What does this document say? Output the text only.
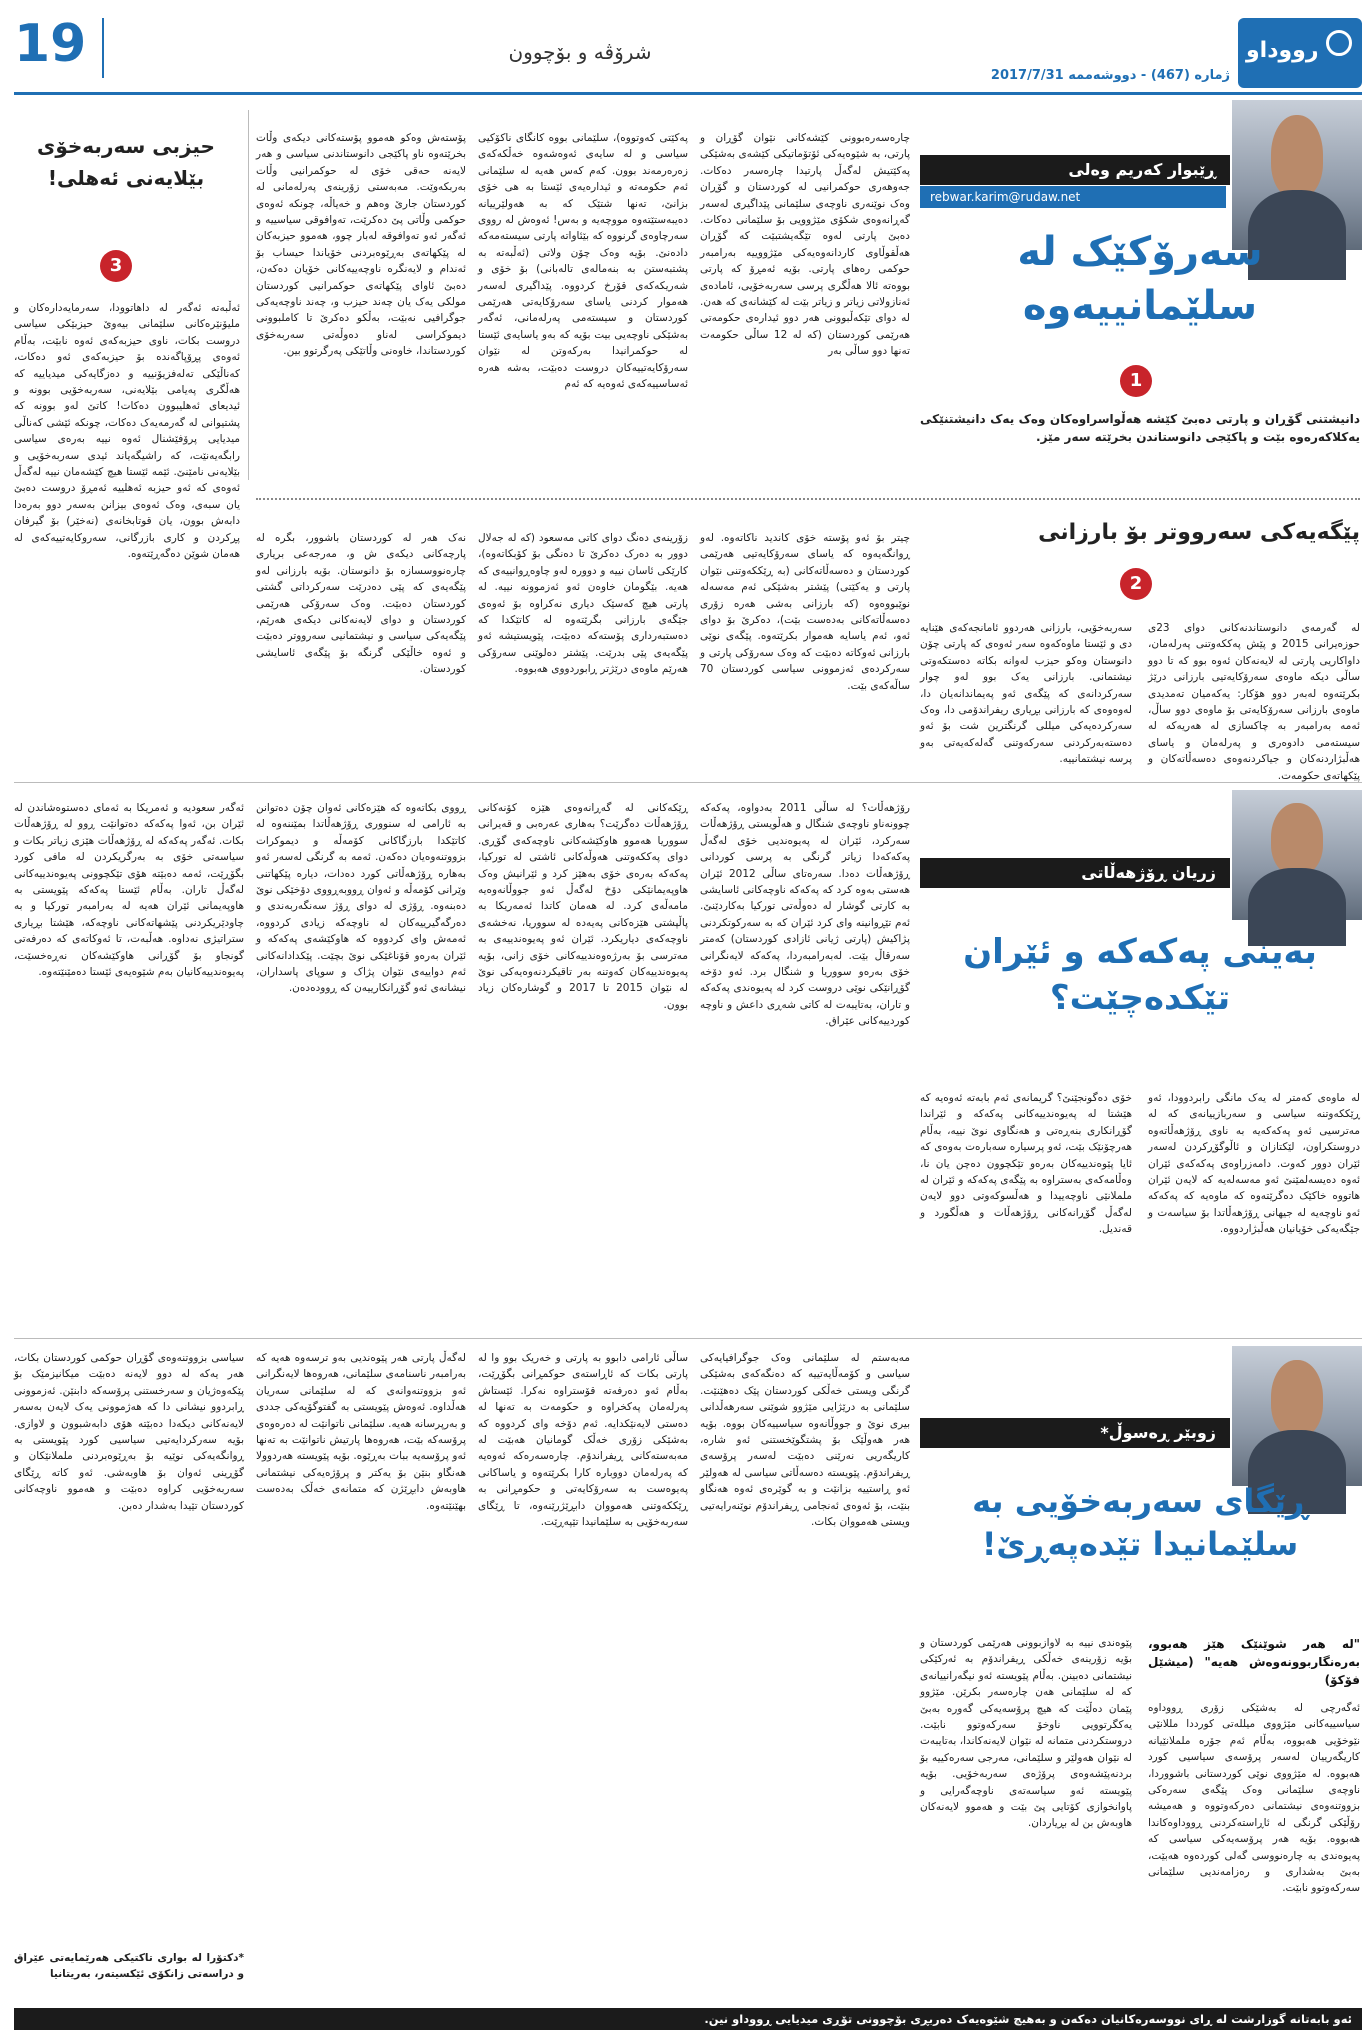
19	شرۆڤە و بۆچوون
ژمارە (467) - دووشەممە 2017/7/31
رووداو
ڕێبوار کەریم وەلی
rebwar.karim@rudaw.net
سەرۆکێک لە
سلێمانییەوە
1
دانیشتنی گۆڕان و پارتی دەبێ کێشە هەڵواسراوەکان وەک یەک دانیشتنێکی یەکلاکەرەوە بێت و پاکێجی دانوستاندن بخرێتە سەر مێز.
چارەسەرەبوونی کێشەکانی نێوان گۆڕان و پارتی، بە شێوەیەکی ئۆتۆماتیکی کێشەی بەشێکی پەکێتیش لەگەڵ پارتیدا چارەسەر دەکات. جەوهەری حوکمرانیی لە کوردستان و گۆڕان وەک نوێنەری ناوچەی سلێمانی پێداگیری لەسەر گەڕانەوەی شکۆی مێژوویی بۆ سلێمانی دەکات. دەبێ پارتی لەوە تێگەیشتبێت کە گۆڕان هەڵقوڵاوی کاردانەوەیەکی مێژووییە بەرامبەر حوکمی رەهای پارتی. بۆیە ئەمڕۆ کە پارتی بووەتە ئالا هەڵگری پرسی سەربەخۆیی، ئامادەی ئەنازولاتی زیاتر و زیاتر بێت لە کێشانەی کە هەن. لە دوای تێکەڵبوونی هەر دوو ئیدارەی حکومەتی هەرێمی کوردستان (کە لە 12 ساڵی حکومەت تەنها دوو ساڵی بەر
پەکێتی کەوتووە)، سلێمانی بووە کانگای ناکۆکیی سیاسی و لە سایەی ئەوەشەوە خەڵکەکەی زەرەرمەند بوون. کەم کەس هەیە لە سلێمانی ئەم حکومەتە و ئیدارەیەی ئێستا بە هی خۆی بزانێ، تەنها شتێک کە بە هەولێرییانە دەیبەستێتەوە مووچەیە و بەس! ئەوەش لە رووی سەرچاوەی گرنووە کە بێئاواتە پارتی سیستەمەکە دادەنێ. بۆیە وەک چۆن ولاتی (ئەڵبەتە بە پشتبەستن بە بنەمالەی تالەبانی) بۆ خۆی و شەریکەکەی قۆرخ کردووە. پێداگیری لەسەر هەموار کردنی یاسای سەرۆکایەتی هەرێمی کوردستان و سیستەمی پەرلەمانی، ئەگەر بەشێکی ناوچەیی بیت بۆیە کە بەو یاسایەی ئێستا لە حوکمرانیدا بەرکەوتن لە نێوان سەرۆکایەتییەکان دروست دەبێت، بەشە هەرە ئەساسییەکەی ئەوەیە کە ئەم
پۆستەش وەکو هەموو پۆستەکانی دیکەی وڵات بخرێتەوە ناو پاکێجی دانوستاندنی سیاسی و هەر لایەنە حەقی خۆی لە حوکمرانیی وڵات بەربکەوێت. مەبەستی زۆرینەی پەرلەمانی لە کوردستان جارێ وەهم و خەیاڵە، چونکە ئەوەی حوکمی وڵاتی پێ دەکرێت، تەوافوقی سیاسییە و ئەگەر ئەو تەوافوقە لەبار چوو، هەموو حیزبەکان لە پێکهاتەی بەڕێوەبردنی خۆیاندا حیساب بۆ ئەندام و لایەنگرە ناوچەییەکانی خۆیان دەکەن، دەبێ ئاوای پێکهاتەی حوکمرانیی کوردستان مولکی یەک یان چەند حیزب و، چەند ناوچەیەکی جوگرافیی نەبێت، بەڵکو دەکرێ تا کاملبوونی دیموکراسی لەناو دەوڵەتی سەربەخۆی کوردستاندا، خاوەنی وڵاتێکی پەرگرتوو بین.
حیزبی سەربەخۆی
بێلایەنی ئەهلی!
3
ئەڵبەتە ئەگەر لە داهاتوودا، سەرمایەدارەکان و ملیۆنێرەکانی سلێمانی بیەوێ حیزبێکی سیاسی دروست بکات، ناوی حیزبەکەی ئەوە نابێت، بەڵام ئەوەی پڕۆپاگەندە بۆ حیزبەکەی ئەو دەکات، کەناڵێکی تەلەفزیۆنییە و دەزگایەکی میدیاییە کە هەڵگری پەیامی بێلایەنی، سەربەخۆیی بوونە و ئیدیعای ئەهلیبوون دەکات! کاتێ لەو بوونە کە پشتیوانی لە گەرمەیەک دەکات، چونکە ئێشی کەناڵی میدیایی پرۆفێشنال ئەوە نییە بەرەی سیاسی رابگەیەنێت، کە راشیگەیاند ئیدی سەربەخۆیی و بێلایەنی نامێنێ. ئێمە ئێستا هیچ کێشەمان نییە لەگەڵ ئەوەی کە ئەو حیزبە ئەهلییە ئەمڕۆ دروست دەبێ یان سبەی، وەک ئەوەی بیزانن بەسەر دوو بەرەدا دابەش بوون، یان قوتابخانەی (نەخێر) بۆ گیرفان پڕکردن و کاری بازرگانی، سەروکایەتییەکەی لە هەمان شوێن دەگەڕێتەوە.
پێگەیەکی سەرووتر بۆ بارزانی
2
لە گەرمەی دانوستاندنەکانی دوای 23ی حوزەیرانی 2015 و پێش پەککەوتنی پەرلەمان، داواکاریی پارتی لە لایەنەکان ئەوە بوو کە تا دوو ساڵی دیکە ماوەی سەرۆکایەتیی بارزانی درێژ بکرێتەوە لەبەر دوو هۆکار: یەکەمیان تەمدیدی ماوەی بارزانی سەرۆکایەتی بۆ ماوەی دوو ساڵ، ئەمە بەرامبەر بە چاکسازی لە هەریەکە لە سیستەمی دادوەری و پەرلەمان و یاسای هەڵبژاردنەکان و جیاکردنەوەی دەسەڵاتەکان و پێکهاتەی حکومەت.
سەربەخۆیی، بارزانی هەردوو ئامانجەکەی هێنایە دی و ئێستا ماوەکەوە سەر ئەوەی کە پارتی چۆن دانوستان وەکو حیزب لەوانە بکاتە دەستکەوتی نیشتمانی. بارزانی یەک بوو لەو چوار سەرکردانەی کە پێگەی ئەو پەیماندانەیان دا، لەوەوەی کە بارزانی بڕیاری ریفراندۆمی دا، وەک سەرکردەیەکی میللی گرنگترین شت بۆ ئەو دەستەبەرکردنی سەرکەوتنی گەلەکەیەتی بەو پرسە نیشتمانییە.
چیتر بۆ ئەو پۆستە خۆی کاندید ناکاتەوە. لەو ڕوانگەیەوە کە یاسای سەرۆکایەتیی هەرێمی کوردستان و دەسەڵاتەکانی (بە ڕێککەوتنی نێوان پارتی و یەکێتی) پێشتر بەشێکی ئەم مەسەلە نوێبووەوە (کە بارزانی بەشی هەرە زۆری دەسەڵاتەکانی بەدەست بێت)، دەکرێ بۆ دوای ئەو، ئەم یاسایە هەموار بکرێتەوە. پێگەی نوێی بارزانی ئەوکاتە دەبێت کە وەک سەرۆکی پارتی و سەرکردەی ئەزموونی سیاسی کوردستان 70 ساڵەکەی بێت.
زۆرینەی دەنگ دوای کاتی مەسعود (کە لە جەلال دوور بە دەرک دەکرێ تا دەنگی بۆ کۆبکاتەوە)، کارێکی ئاسان نییە و دوورە لەو چاوەڕوانییەی کە هەیە. بێگومان خاوەن ئەو ئەزموونە نییە. لە پارتی هیچ کەسێک دیاری نەکراوە بۆ ئەوەی جێگەی بارزانی بگرێتەوە لە کاتێکدا کە دەستبەرداری پۆستەکە دەبێت، پێویستیشە ئەو پێگەیەی پێی بدرێت. پێشتر دەلوێنی سەرۆکی هەرێم ماوەی درێژتر ڕابوردووی هەبووە.
نەک هەر لە کوردستان باشوور، بگرە لە پارچەکانی دیکەی ش و، مەرجەعی بریاری چارەنووسسازە بۆ دانوستان. بۆیە بارزانی لەو پێگەیەی کە پێی دەدرێت سەرکرداتی گشتی کوردستان دەبێت. وەک سەرۆکی هەرێمی کوردستان و دوای لایەنەکانی دیکەی هەرێم، پێگەیەکی سیاسی و نیشتمانیی سەرووتر دەبێت و ئەوە خاڵێکی گرنگە بۆ پێگەی ئاسایشی کوردستان.
زریان ڕۆژهەڵاتی
بەینی پەکەکە و ئێران
تێکدەچێت؟
لە ماوەی کەمتر لە یەک مانگی رابردوودا، ئەو ڕێککەوتنە سیاسی و سەربازییانەی کە لە مەترسیی ئەو پەکەکەیە بە ناوی ڕۆژهەڵاتەوە دروستکراون، لێکتازان و ئاڵوگۆڕکردن لەسەر ئێران دوور کەوت. دامەزراوەی پەکەکەی ئێران ئەوە دەیسەلمێنێ ئەو مەسەلەیە کە لایەن ئێران هاتووە خاکێک دەگرێتەوە کە ماوەیە کە پەکەکە ئەو ناوچەیە لە جیهانی ڕۆژهەڵاتدا بۆ سیاسەت و جێگەیەکی خۆیانیان هەڵبژاردووە.
خۆی دەگونجێنێ؟ گریمانەی ئەم بابەتە ئەوەیە کە هێشتا لە پەیوەندییەکانی پەکەکە و ئێراندا گۆڕانکاری بنەڕەتی و هەنگاوی نوێ نییە، بەڵام هەرچۆنێک بێت، ئەو پرسیارە سەبارەت بەوەی کە ئایا پێوەندییەکان بەرەو تێکچوون دەچن یان نا، وەڵامەکەی بەستراوە بە پێگەی پەکەکە و ئێران لە ململانێی ناوچەییدا و هەڵسوکەوتی دوو لایەن لەگەڵ گۆڕانەکانی ڕۆژهەڵات و هەڵگورد و قەندیل.
رۆژهەڵات؟ لە ساڵی 2011 بەدواوە، پەکەکە چوونەناو ناوچەی شنگال و هەڵویستی ڕۆژهەڵات سەرکرد، ئێران لە پەیوەندیی خۆی لەگەڵ پەکەکەدا زیاتر گرنگی بە پرسی کوردانی ڕۆژهەڵات دەدا. سەرەتای ساڵی 2012 ئێران هەستی بەوە کرد کە پەکەکە ناوچەکانی ئاسایشی بە کارتی گوشار لە دەوڵەتی تورکیا بەکاردێنێ. ئەم تێڕوانینە وای کرد ئێران کە بە سەرکوتکردنی پژاکیش (پارتی ژیانی ئازادی کوردستان) کەمتر سەرقاڵ بێت. لەبەرامبەردا، پەکەکە لایەنگرانی خۆی بەرەو سووریا و شنگال برد. ئەو دۆخە گۆڕانێکی نوێی دروست کرد لە پەیوەندی پەکەکە و تاران، بەتایبەت لە کاتی شەڕی داعش و ناوچە کوردییەکانی عێراق.
ڕێکەکانی لە گەڕانەوەی هێزە کۆنەکانی ڕۆژهەڵات دەگرێت؟ بەهاری عەرەبی و قەیرانی سووریا هەموو هاوکێشەکانی ناوچەکەی گۆڕی. دوای پەککەوتنی هەوڵەکانی ئاشتی لە تورکیا، پەکەکە بەرەی خۆی بەهێز کرد و ئێرانیش وەک هاوپەیمانێکی دۆخ لەگەڵ ئەو جووڵانەوەیە مامەڵەی کرد. لە هەمان کاتدا ئەمەریکا بە پاڵپشتی هێزەکانی پەیەدە لە سووریا، نەخشەی ناوچەکەی دیاریکرد. ئێران ئەو پەیوەندییەی بە مەترسی بۆ بەرژەوەندییەکانی خۆی زانی، بۆیە پەیوەندییەکان کەوتنە بەر تاقیکردنەوەیەکی نوێ لە نێوان 2015 تا 2017 و گوشارەکان زیاد بوون.
ڕووی بکاتەوە کە هێزەکانی ئەوان چۆن دەتوانن بە ئارامی لە سنووری ڕۆژهەڵاتدا بمێننەوە لە کاتێکدا بارزگاکانی کۆمەڵە و دیموکرات بزووتنەوەیان دەکەن. ئەمە بە گرنگی لەسەر ئەو بەهارە ڕۆژهەڵاتی کورد دەدات، دیارە پێکهاتنی وێرانی کۆمەڵە و ئەوان ڕووبەڕووی دۆخێکی نوێ دەبنەوە. ڕۆژی لە دوای ڕۆژ سەنگەربەندی و دەرگەگیرییەکان لە ناوچەکە زیادی کردووە، ئەمەش وای کردووە کە هاوکێشەی پەکەکە و ئێران بەرەو قۆناغێکی نوێ بچێت. پێکدادانەکانی ئەم دواییەی نێوان پژاک و سوپای پاسداران، نیشانەی ئەو گۆڕانکارییەن کە ڕوودەدەن.
ئەگەر سعودیە و ئەمریکا بە ئەمای دەستوەشاندن لە ئێران بن، ئەوا پەکەکە دەتوانێت ڕوو لە ڕۆژهەڵات بکات. ئەگەر پەکەکە لە ڕۆژهەڵات هێزی زیاتر بکات و سیاسەتی خۆی بە بەرگریکردن لە مافی کورد بگۆڕێت، ئەمە دەبێتە هۆی تێکچوونی پەیوەندییەکانی لەگەڵ تاران. بەڵام ئێستا پەکەکە پێویستی بە هاوپەیمانی ئێران هەیە لە بەرامبەر تورکیا و بە چاودێریکردنی پێشهاتەکانی ناوچەکە، هێشتا بڕیاری ستراتیژی نەداوە. هەڵبەت، تا ئەوکاتەی کە دەرفەتی گونجاو بۆ گۆڕانی هاوکێشەکان نەڕەخسێت، پەیوەندییەکانیان بەم شێوەیەی ئێستا دەمێنێتەوە.
زوبێر ڕەسوڵ*
ڕێگای سەربەخۆیی بە
سلێمانیدا تێدەپەڕێ!
"لە هەر شوێنێک هێز هەبوو، بەرەنگاربوونەوەش هەیە" (میشێل فۆکۆ)
ئەگەرچی لە بەشێکی زۆری ڕووداوە سیاسییەکانی مێژووی میللەتی کورددا مللانێی نێوخۆیی هەبووە، بەڵام ئەم جۆرە ململانێیانە کاریگەرییان لەسەر پرۆسەی سیاسیی کورد هەبووە. لە مێژووی نوێی کوردستانی باشووردا، ناوچەی سلێمانی وەک پێگەی سەرەکی بزووتنەوەی نیشتمانی دەرکەوتووە و هەمیشە رۆڵێکی گرنگی لە ئاڕاستەکردنی ڕووداوەکاندا هەبووە. بۆیە هەر پرۆسەیەکی سیاسی کە پەیوەندی بە چارەنووسی گەلی کوردەوە هەبێت، بەبێ بەشداری و رەزامەندیی سلێمانی سەرکەوتوو نابێت.
پێوەندی نییە بە لاوازبوونی هەرێمی کوردستان و بۆیە زۆرینەی خەڵکی ڕیفراندۆم بە ئەرکێکی نیشتمانی دەبینن. بەڵام پێویستە ئەو نیگەرانییانەی کە لە سلێمانی هەن چارەسەر بکرێن. مێژوو پێمان دەڵێت کە هیچ پرۆسەیەکی گەورە بەبێ یەکگرتوویی ناوخۆ سەرکەوتوو نابێت. دروستکردنی متمانە لە نێوان لایەنەکاندا، بەتایبەت لە نێوان هەولێر و سلێمانی، مەرجی سەرەکییە بۆ بردنەپێشەوەی پرۆژەی سەربەخۆیی. بۆیە پێویستە ئەو سیاسەتەی ناوچەگەرایی و پاوانخوازی کۆتایی پێ بێت و هەموو لایەنەکان هاوبەش بن لە بڕیاردان.
مەبەستم لە سلێمانی وەک جوگرافیایەکی سیاسی و کۆمەڵایەتییە کە دەنگەکەی بەشێکی گرنگی ویستی خەڵکی کوردستان پێک دەهێنێت. سلێمانی بە درێژایی مێژوو شوێنی سەرهەڵدانی بیری نوێ و جووڵانەوە سیاسییەکان بووە. بۆیە هەر هەوڵێک بۆ پشتگوێخستنی ئەو شارە، کاریگەریی نەرێنی دەبێت لەسەر پرۆسەی ڕیفراندۆم. پێویستە دەسەڵاتی سیاسی لە هەولێر ئەو ڕاستییە بزانێت و بە گوێرەی ئەوە هەنگاو بنێت، بۆ ئەوەی ئەنجامی ڕیفراندۆم نوێنەرایەتیی ویستی هەمووان بکات.
ساڵی ئارامی دابوو بە پارتی و خەریک بوو وا لە پارتی بکات کە ئاڕاستەی حوکمڕانی بگۆڕێت، بەڵام ئەو دەرفەتە قۆستراوە نەکرا. ئێستاش پەرلەمان پەکخراوە و حکومەت بە تەنها لە دەستی لایەنێکدایە. ئەم دۆخە وای کردووە کە بەشێکی زۆری خەڵک گومانیان هەبێت لە مەبەستەکانی ڕیفراندۆم. چارەسەرەکە ئەوەیە کە پەرلەمان دووبارە کارا بکرێتەوە و یاساکانی پەیوەست بە سەرۆکایەتی و حکومڕانی بە ڕێککەوتنی هەمووان دابڕێژرێنەوە، تا ڕێگای سەربەخۆیی بە سلێمانیدا تێپەڕێت.
لەگەڵ پارتی هەر پێوەندیی بەو ترسەوە هەیە کە بەرامبەر ناسنامەی سلێمانی، هەروەها لایەنگرانی ئەو بزووتنەوانەی کە لە سلێمانی سەریان هەڵداوە. ئەوەش پێویستی بە گفتوگۆیەکی جددی و بەرپرسانە هەیە. سلێمانی ناتوانێت لە دەرەوەی پرۆسەکە بێت، هەروەها پارتیش ناتوانێت بە تەنها ئەو پرۆسەیە ببات بەڕێوە. بۆیە پێویستە هەردوولا هەنگاو بنێن بۆ یەکتر و پرۆژەیەکی نیشتمانی هاوبەش دابڕێژن کە متمانەی خەڵک بەدەست بهێنێتەوە.
سیاسی بزووتنەوەی گۆڕان حوکمی کوردستان بکات، هەر یەکە لە دوو لایەنە دەبێت میکانیزمێک بۆ پێکەوەژیان و سەرخستنی پرۆسەکە دابنێن. ئەزموونی ڕابردوو نیشانی دا کە هەژموونی یەک لایەن بەسەر لایەنەکانی دیکەدا دەبێتە هۆی دابەشبوون و لاوازی. بۆیە سەرکردایەتیی سیاسیی کورد پێویستی بە ڕوانگەیەکی نوێیە بۆ بەڕێوەبردنی ململانێکان و گۆڕینی ئەوان بۆ هاوبەشی. ئەو کاتە ڕێگای سەربەخۆیی کراوە دەبێت و هەموو ناوچەکانی کوردستان تێیدا بەشدار دەبن.
*دکتۆرا لە بواری تاکتیکی هەرێمایەتی عێراق و دراسەتی زانکۆی ئێکسیتەر، بەریتانیا
ئەو بابەتانە گوزارشت لە ڕای نووسەرەکانیان دەکەن و بەهیچ شێوەیەک دەربڕی بۆچوونی تۆڕی میدیایی ڕووداو نین.
